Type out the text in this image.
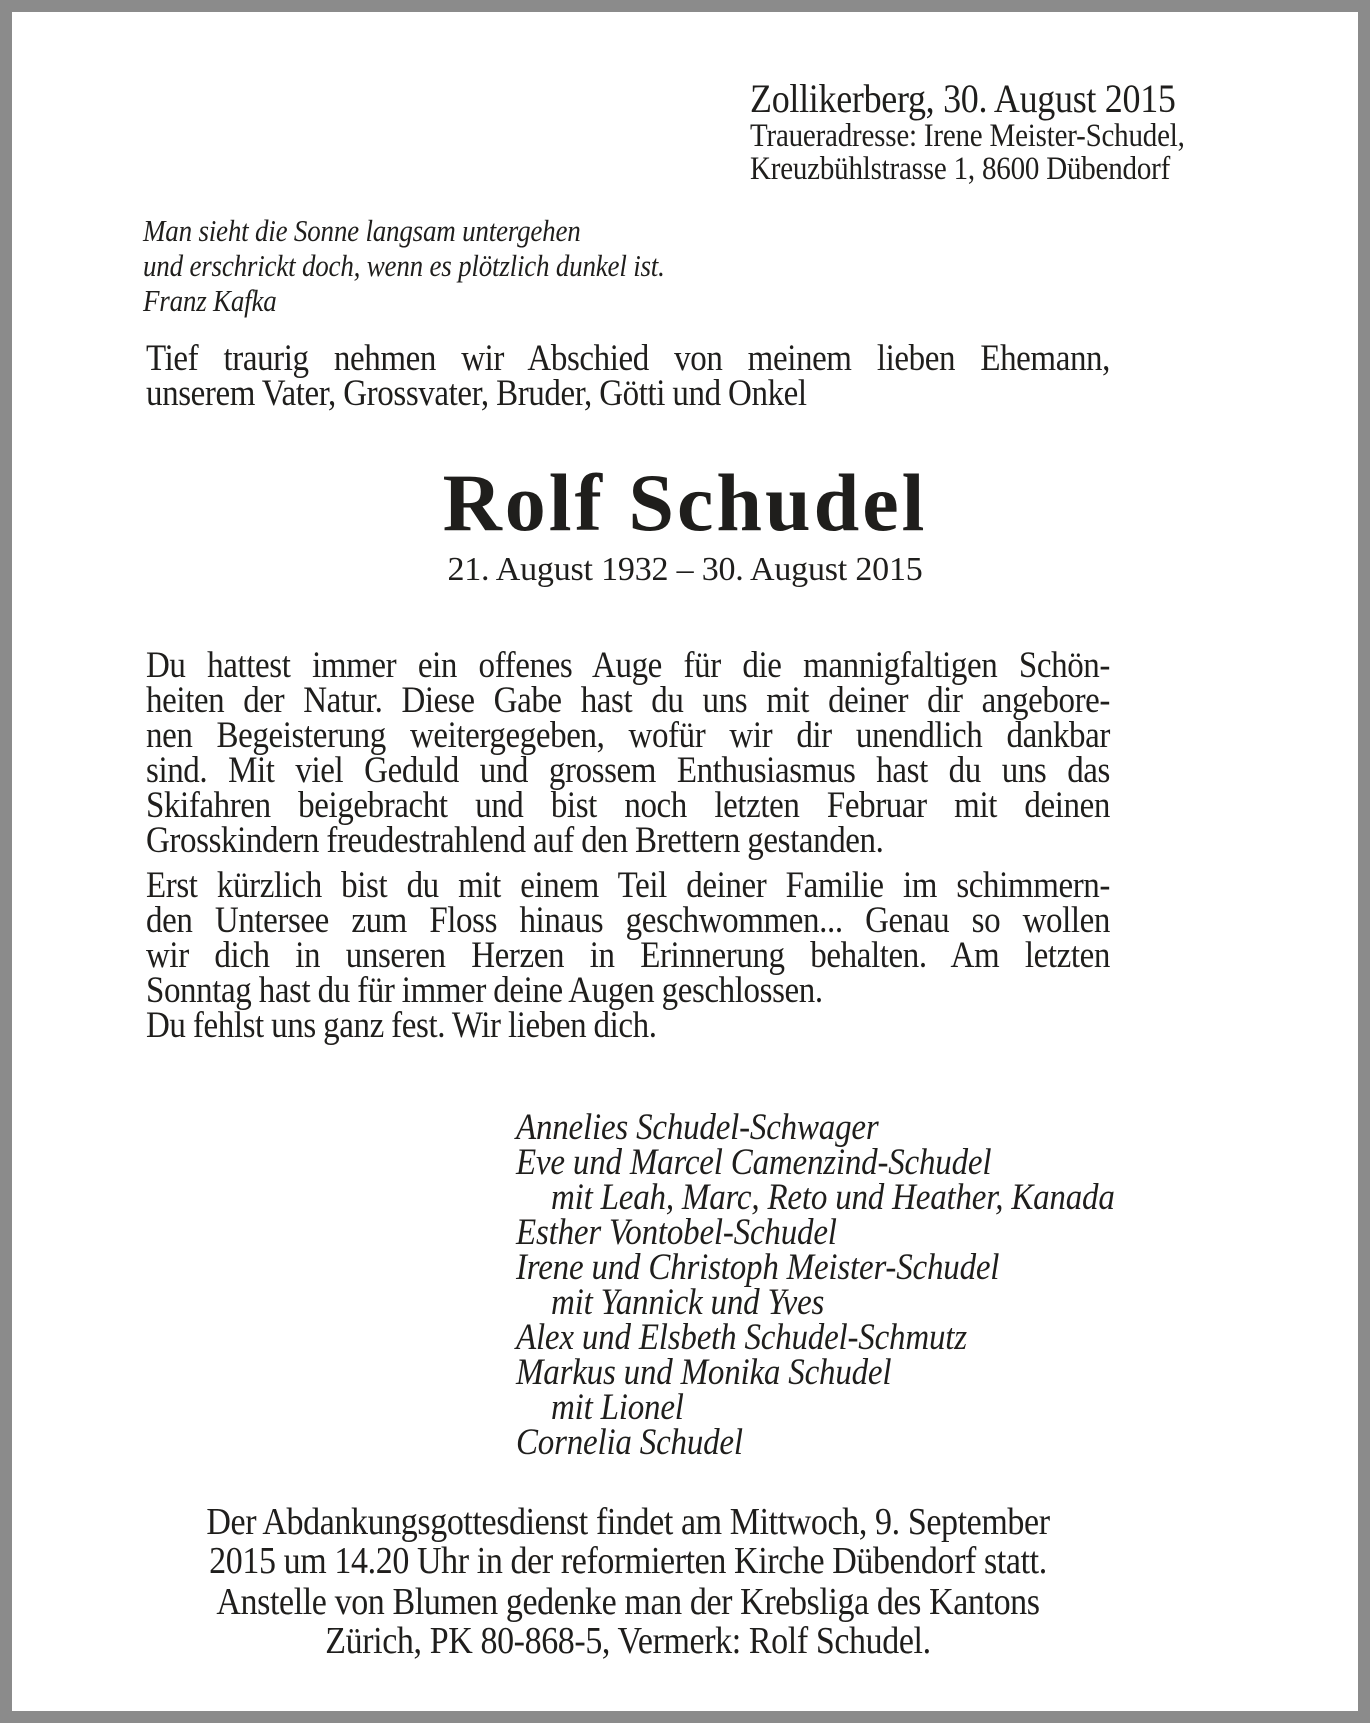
Zollikerberg, 30. August 2015
Traueradresse: Irene Meister-Schudel,
Kreuzbühlstrasse 1, 8600 Dübendorf
Man sieht die Sonne langsam untergehen
und erschrickt doch, wenn es plötzlich dunkel ist.
Franz Kafka
Tief traurig nehmen wir Abschied von meinem lieben Ehemann,
unserem Vater, Grossvater, Bruder, Götti und Onkel
Rolf Schudel
21. August 1932 – 30. August 2015
Du hattest immer ein offenes Auge für die mannigfaltigen Schön-
heiten der Natur. Diese Gabe hast du uns mit deiner dir angebore-
nen Begeisterung weitergegeben, wofür wir dir unendlich dankbar
sind. Mit viel Geduld und grossem Enthusiasmus hast du uns das
Skifahren beigebracht und bist noch letzten Februar mit deinen
Grosskindern freudestrahlend auf den Brettern gestanden.
Erst kürzlich bist du mit einem Teil deiner Familie im schimmern-
den Untersee zum Floss hinaus geschwommen... Genau so wollen
wir dich in unseren Herzen in Erinnerung behalten. Am letzten
Sonntag hast du für immer deine Augen geschlossen.
Du fehlst uns ganz fest. Wir lieben dich.
Annelies Schudel-Schwager
Eve und Marcel Camenzind-Schudel
mit Leah, Marc, Reto und Heather, Kanada
Esther Vontobel-Schudel
Irene und Christoph Meister-Schudel
mit Yannick und Yves
Alex und Elsbeth Schudel-Schmutz
Markus und Monika Schudel
mit Lionel
Cornelia Schudel
Der Abdankungsgottesdienst findet am Mittwoch, 9. September
2015 um 14.20 Uhr in der reformierten Kirche Dübendorf statt.
Anstelle von Blumen gedenke man der Krebsliga des Kantons
Zürich, PK 80-868-5, Vermerk: Rolf Schudel.
